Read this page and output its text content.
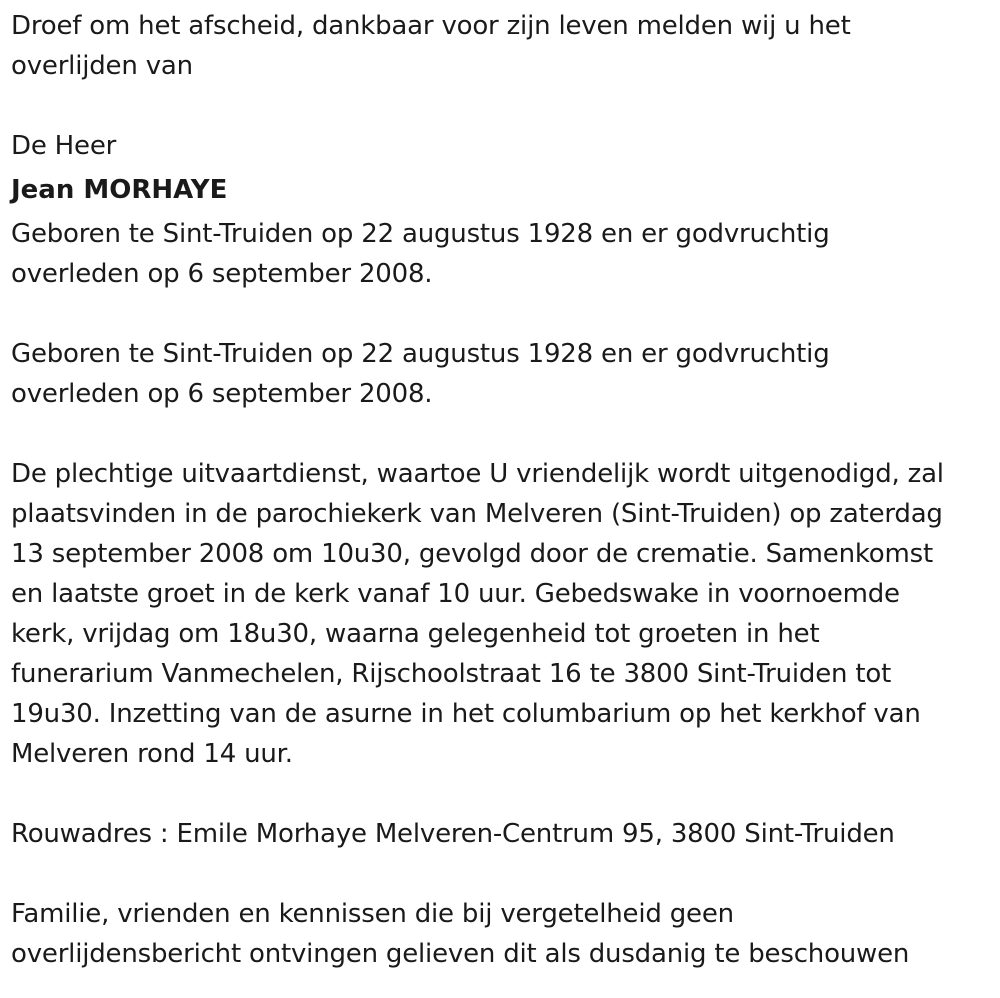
Droef om het afscheid, dankbaar voor zijn leven melden wij u het
overlijden van

De Heer

Jean MORHAYE

Geboren te Sint-Truiden op 22 augustus 1928 en er godvruchtig
overleden op 6 september 2008.

Geboren te Sint-Truiden op 22 augustus 1928 en er godvruchtig
overleden op 6 september 2008.

De plechtige uitvaartdienst, waartoe U vriendelijk wordt uitgenodigd, zal
plaatsvinden in de parochiekerk van Melveren (Sint-Truiden) op zaterdag
13 september 2008 om 10u30, gevolgd door de crematie. Samenkomst
en laatste groet in de kerk vanaf 10 uur. Gebedswake in voornoemde
kerk, vrijdag om 18u30, waarna gelegenheid tot groeten in het
funerarium Vanmechelen, Rijschoolstraat 16 te 3800 Sint-Truiden tot
19u30. Inzetting van de asurne in het columbarium op het kerkhof van
Melveren rond 14 uur.

Rouwadres : Emile Morhaye Melveren-Centrum 95, 3800 Sint-Truiden

Familie, vrienden en kennissen die bij vergetelheid geen
overlijdensbericht ontvingen gelieven dit als dusdanig te beschouwen
